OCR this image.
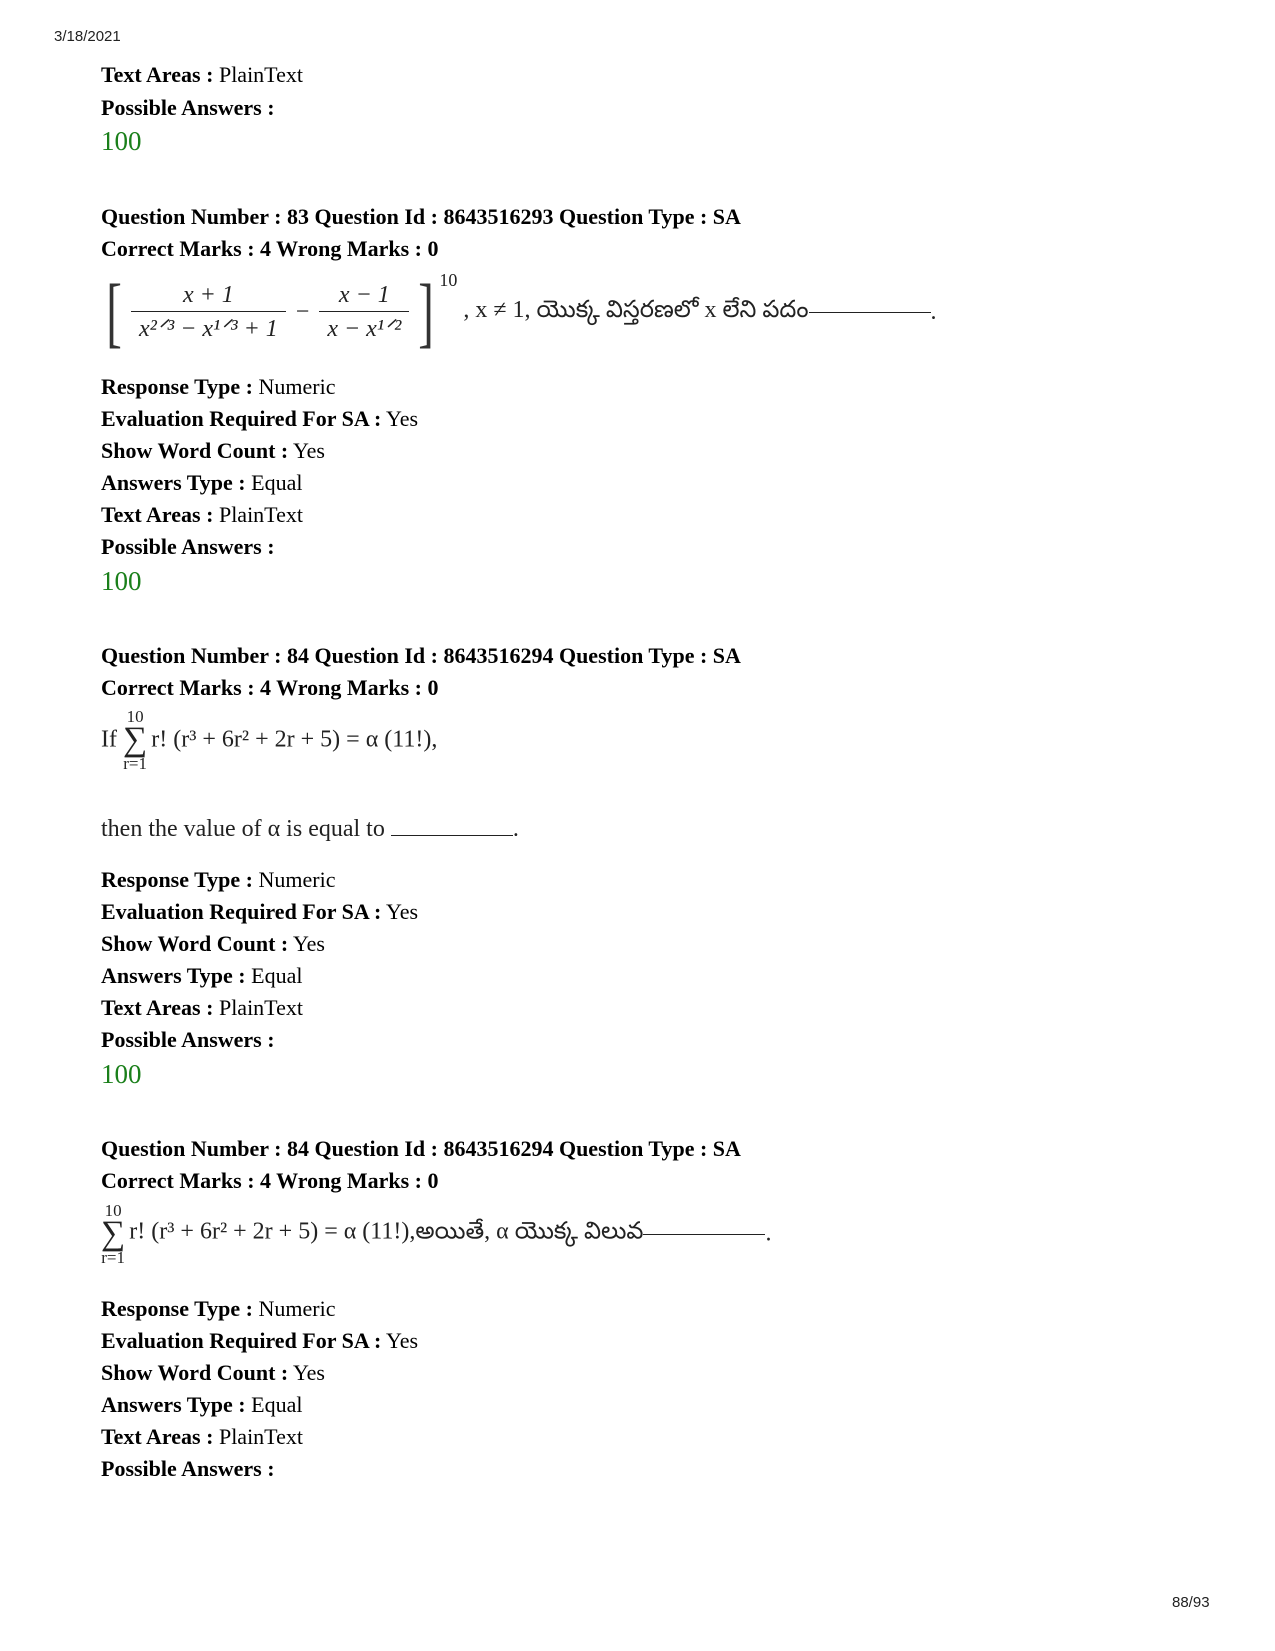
3/18/2021
Text Areas : PlainText
Possible Answers :
100
Question Number : 83 Question Id : 8643516293 Question Type : SA
Correct Marks : 4 Wrong Marks : 0
[ $\frac{x + 1}{\text{x²ᐟ³ − x¹ᐟ³ + 1}} - \frac{x - 1}{\text{x − x¹ᐟ²}}$ ] $^{10}$ , x ≠ 1, యొక్క విస్తరణలో x లేని పదం	.
Response Type : Numeric
Evaluation Required For SA : Yes
Show Word Count : Yes
Answers Type : Equal
Text Areas : PlainText
Possible Answers :
100
Question Number : 84 Question Id : 8643516294 Question Type : SA
Correct Marks : 4 Wrong Marks : 0
If
10
∑
r=1
r! (r³ + 6r² + 2r + 5) = α (11!),
then the value of α is equal to	.
Response Type : Numeric
Evaluation Required For SA : Yes
Show Word Count : Yes
Answers Type : Equal
Text Areas : PlainText
Possible Answers :
100
Question Number : 84 Question Id : 8643516294 Question Type : SA
Correct Marks : 4 Wrong Marks : 0
10
∑
r=1
r! (r³ + 6r² + 2r + 5) = α (11!),అయితే, α యొక్క విలువ	.
Response Type : Numeric
Evaluation Required For SA : Yes
Show Word Count : Yes
Answers Type : Equal
Text Areas : PlainText
Possible Answers :
88/93
